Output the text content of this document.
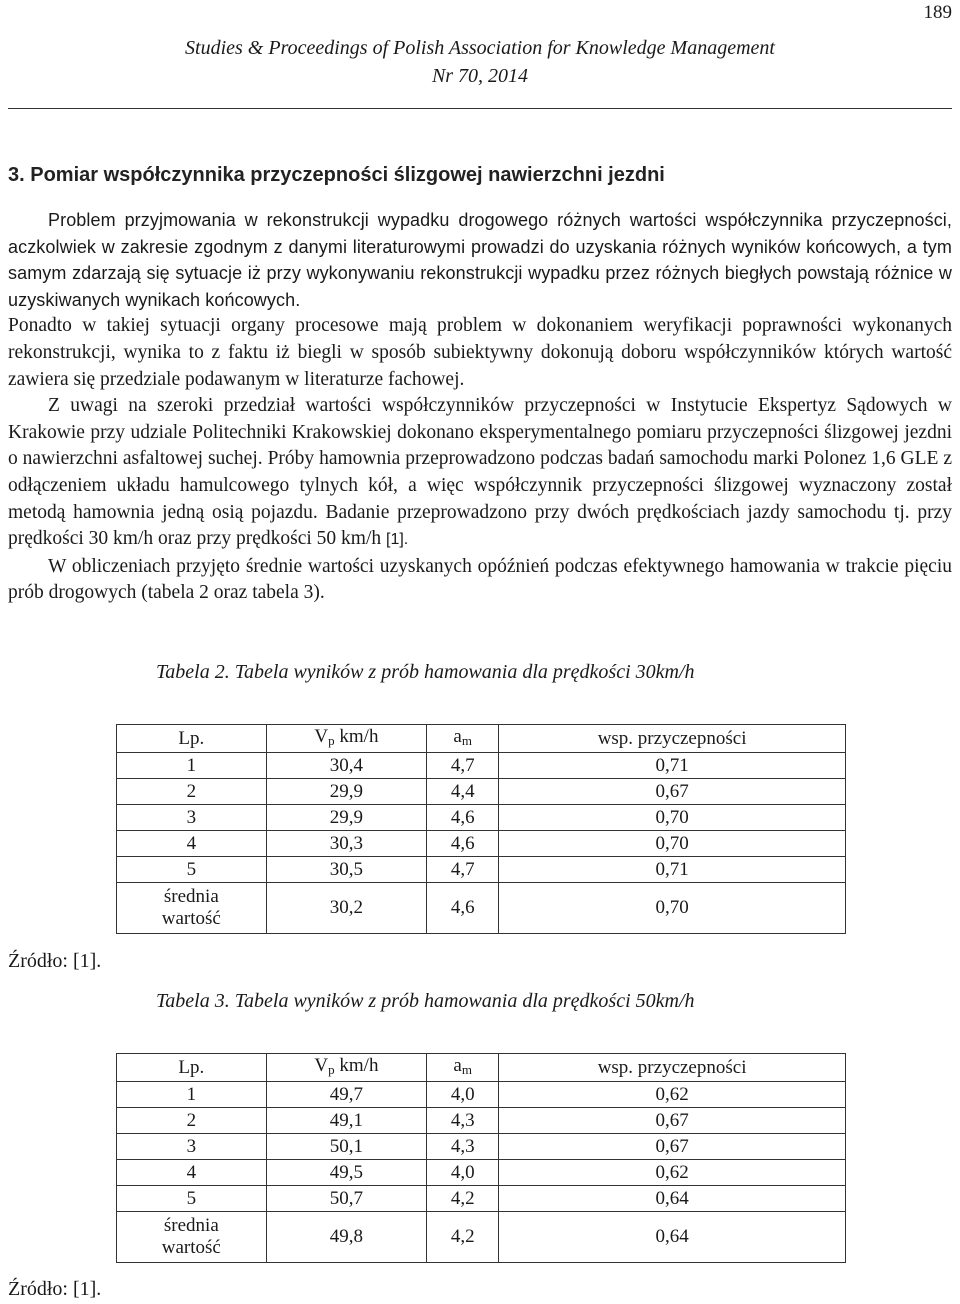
189
Studies & Proceedings of Polish Association for Knowledge Management
Nr 70, 2014
3. Pomiar współczynnika przyczepności ślizgowej nawierzchni jezdni

Problem przyjmowania w rekonstrukcji wypadku drogowego różnych wartości współczynnika przyczepności, aczkolwiek w zakresie zgodnym z danymi literaturowymi prowadzi do uzyskania różnych wyników końcowych, a tym samym zdarzają się sytuacje iż przy wykonywaniu rekonstrukcji wypadku przez różnych biegłych powstają różnice w uzyskiwanych wynikach końcowych.

Ponadto w takiej sytuacji organy procesowe mają problem w dokonaniem weryfikacji poprawności wykonanych rekonstrukcji, wynika to z faktu iż biegli w sposób subiektywny dokonują doboru współczynników których wartość zawiera się przedziale podawanym w literaturze fachowej.

Z uwagi na szeroki przedział wartości współczynników przyczepności w Instytucie Ekspertyz Sądowych w Krakowie przy udziale Politechniki Krakowskiej dokonano eksperymentalnego pomiaru przyczepności ślizgowej jezdni o nawierzchni asfaltowej suchej. Próby hamownia przeprowadzono podczas badań samochodu marki Polonez 1,6 GLE z odłączeniem układu hamulcowego tylnych kół, a więc współczynnik przyczepności ślizgowej wyznaczony został metodą hamownia jedną osią pojazdu. Badanie przeprowadzono przy dwóch prędkościach jazdy samochodu tj. przy prędkości 30 km/h oraz przy prędkości 50 km/h [1].

W obliczeniach przyjęto średnie wartości uzyskanych opóźnień podczas efektywnego hamowania w trakcie pięciu prób drogowych (tabela 2 oraz tabela 3).

Tabela 2. Tabela wyników z prób hamowania dla prędkości 30km/h
Lp.	$V_p$ km/h	$a_m$	wsp. przyczepności
1	30,4	4,7	0,71
2	29,9	4,4	0,67
3	29,9	4,6	0,70
4	30,3	4,6	0,70
5	30,5	4,7	0,71
średnia
wartość	30,2	4,6	0,70
Źródło: [1].
Tabela 3. Tabela wyników z prób hamowania dla prędkości 50km/h
Lp.	$V_p$ km/h	$a_m$	wsp. przyczepności
1	49,7	4,0	0,62
2	49,1	4,3	0,67
3	50,1	4,3	0,67
4	49,5	4,0	0,62
5	50,7	4,2	0,64
średnia
wartość	49,8	4,2	0,64
Źródło: [1].
